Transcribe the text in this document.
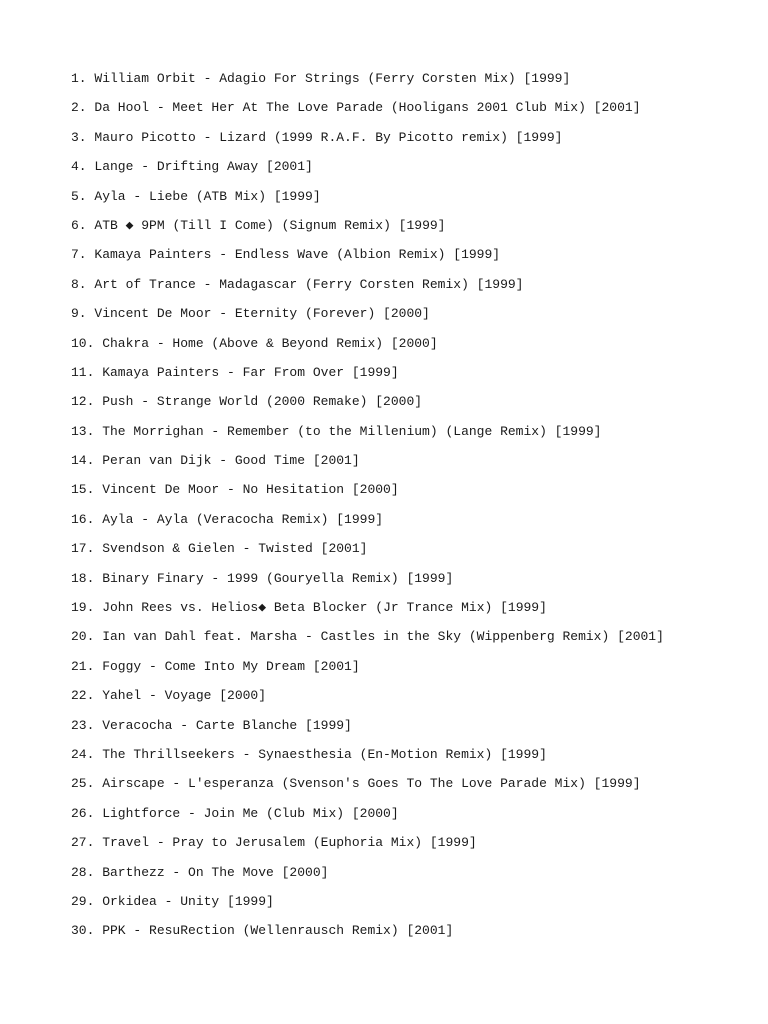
1. William Orbit - Adagio For Strings (Ferry Corsten Mix) [1999]
2. Da Hool - Meet Her At The Love Parade (Hooligans 2001 Club Mix) [2001]
3. Mauro Picotto - Lizard (1999 R.A.F. By Picotto remix) [1999]
4. Lange - Drifting Away [2001]
5. Ayla - Liebe (ATB Mix) [1999]
6. ATB ◆ 9PM (Till I Come) (Signum Remix) [1999]
7. Kamaya Painters - Endless Wave (Albion Remix) [1999]
8. Art of Trance - Madagascar (Ferry Corsten Remix) [1999]
9. Vincent De Moor - Eternity (Forever) [2000]
10. Chakra - Home (Above & Beyond Remix) [2000]
11. Kamaya Painters - Far From Over [1999]
12. Push - Strange World (2000 Remake) [2000]
13. The Morrighan - Remember (to the Millenium) (Lange Remix) [1999]
14. Peran van Dijk - Good Time [2001]
15. Vincent De Moor - No Hesitation [2000]
16. Ayla - Ayla (Veracocha Remix) [1999]
17. Svendson & Gielen - Twisted [2001]
18. Binary Finary - 1999 (Gouryella Remix) [1999]
19. John Rees vs. Helios◆ Beta Blocker (Jr Trance Mix) [1999]
20. Ian van Dahl feat. Marsha - Castles in the Sky (Wippenberg Remix) [2001]
21. Foggy - Come Into My Dream [2001]
22. Yahel - Voyage [2000]
23. Veracocha - Carte Blanche [1999]
24. The Thrillseekers - Synaesthesia (En-Motion Remix) [1999]
25. Airscape - L'esperanza (Svenson's Goes To The Love Parade Mix) [1999]
26. Lightforce - Join Me (Club Mix) [2000]
27. Travel - Pray to Jerusalem (Euphoria Mix) [1999]
28. Barthezz - On The Move [2000]
29. Orkidea - Unity [1999]
30. PPK - ResuRection (Wellenrausch Remix) [2001]
